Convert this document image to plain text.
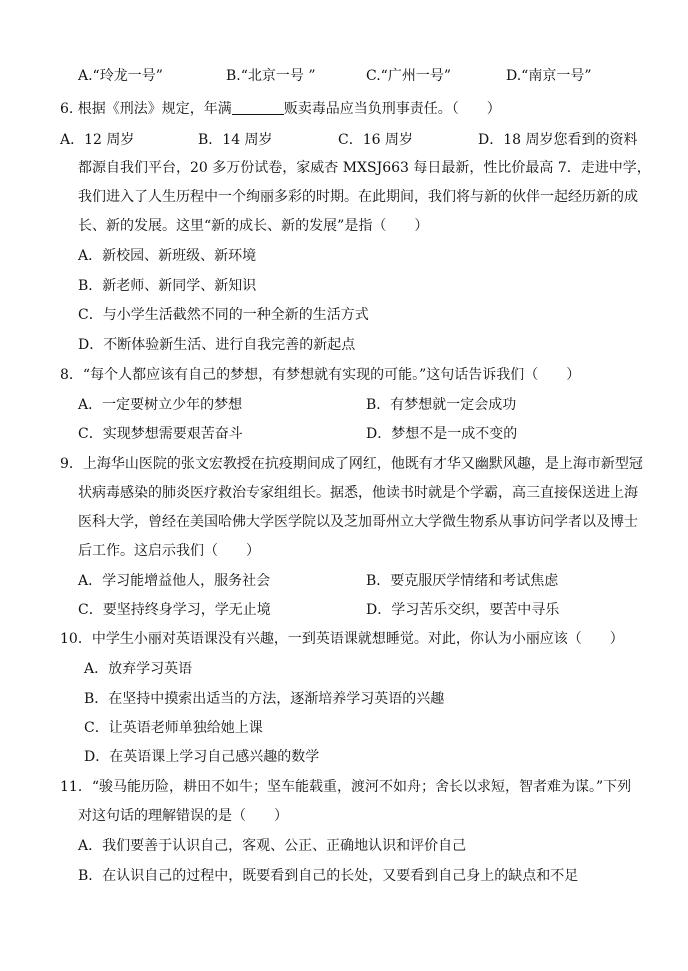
A.“玲龙一号”	B.“北京一号 ”	C.“广州一号”	D.“南京一号”
6. 根据《刑法》规定，年满	贩卖毒品应当负刑事责任。（　　）
A．12 周岁	B．14 周岁	C．16 周岁	D．18 周岁您看到的资料
都源自我们平台，20 多万份试卷，家威杏 MXSJ663 每日最新，性比价最高 7．走进中学，
我们进入了人生历程中一个绚丽多彩的时期。在此期间，我们将与新的伙伴一起经历新的成
长、新的发展。这里“新的成长、新的发展”是指（　　）
A．新校园、新班级、新环境
B．新老师、新同学、新知识
C．与小学生活截然不同的一种全新的生活方式
D．不断体验新生活、进行自我完善的新起点
8．“每个人都应该有自己的梦想，有梦想就有实现的可能。”这句话告诉我们（　　）
A．一定要树立少年的梦想	B．有梦想就一定会成功
C．实现梦想需要艰苦奋斗	D．梦想不是一成不变的
9．上海华山医院的张文宏教授在抗疫期间成了网红，他既有才华又幽默风趣，是上海市新型冠
状病毒感染的肺炎医疗救治专家组组长。据悉，他读书时就是个学霸，高三直接保送进上海
医科大学，曾经在美国哈佛大学医学院以及芝加哥州立大学微生物系从事访问学者以及博士
后工作。这启示我们（　　）
A．学习能增益他人，服务社会	B．要克服厌学情绪和考试焦虑
C．要坚持终身学习，学无止境	D．学习苦乐交织，要苦中寻乐
10．中学生小丽对英语课没有兴趣，一到英语课就想睡觉。对此，你认为小丽应该（　　）
A．放弃学习英语
B．在坚持中摸索出适当的方法，逐渐培养学习英语的兴趣
C．让英语老师单独给她上课
D．在英语课上学习自己感兴趣的数学
11．“骏马能历险，耕田不如牛；坚车能载重，渡河不如舟；舍长以求短，智者难为谋。”下列
对这句话的理解错误的是（　　）
A．我们要善于认识自己，客观、公正、正确地认识和评价自己
B．在认识自己的过程中，既要看到自己的长处，又要看到自己身上的缺点和不足
